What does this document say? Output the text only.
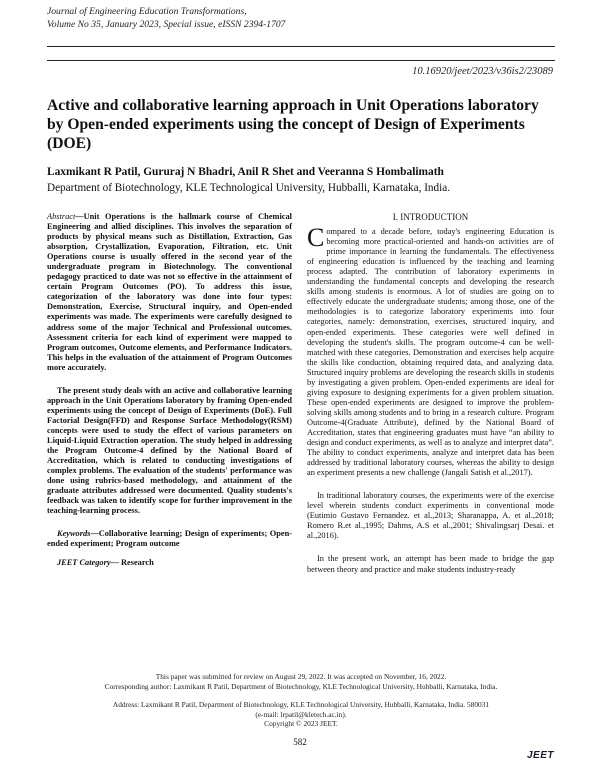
Journal of Engineering Education Transformations,
Volume No 35, January 2023, Special issue, eISSN 2394-1707
10.16920/jeet/2023/v36is2/23089
Active and collaborative learning approach in Unit Operations laboratory by Open-ended experiments using the concept of Design of Experiments (DOE)
Laxmikant R Patil, Gururaj N Bhadri, Anil R Shet and Veeranna S Hombalimath
Department of Biotechnology, KLE Technological University, Hubballi, Karnataka, India.

Abstract—Unit Operations is the hallmark course of Chemical Engineering and allied disciplines. This involves the separation of products by physical means such as Distillation, Extraction, Gas absorption, Crystallization, Evaporation, Filtration, etc. Unit Operations course is usually offered in the second year of the undergraduate program in Biotechnology. The conventional pedagogy practiced to date was not so effective in the attainment of certain Program Outcomes (PO). To address this issue, categorization of the laboratory was done into four types: Demonstration, Exercise, Structural inquiry, and Open-ended experiments was made. The experiments were carefully designed to address some of the major Technical and Professional outcomes. Assessment criteria for each kind of experiment were mapped to Program outcomes, Outcome elements, and Performance Indicators. This helps in the evaluation of the attainment of Program Outcomes more accurately.

The present study deals with an active and collaborative learning approach in the Unit Operations laboratory by framing Open-ended experiments using the concept of Design of Experiments (DoE). Full Factorial Design(FFD) and Response Surface Methodology(RSM) concepts were used to study the effect of various parameters on Liquid-Liquid Extraction operation. The study helped in addressing the Program Outcome-4 defined by the National Board of Accreditation, which is related to conducting investigations of complex problems. The evaluation of the students' performance was done using rubrics-based methodology, and attainment of the graduate attributes addressed were documented. Quality students's feedback was taken to identify scope for further improvement in the teaching-learning process.

Keywords—Collaborative learning; Design of experiments; Open-ended experiment; Program outcome

JEET Category— Research

I. INTRODUCTION

Compared to a decade before, today's engineering Education is becoming more practical-oriented and hands-on activities are of prime importance in learning the fundamentals. The effectiveness of engineering education is influenced by the teaching and learning process adapted. The contribution of laboratory experiments in understanding the fundamental concepts and developing the research skills among students is enormous. A lot of studies are going on to effectively educate the undergraduate students; among those, one of the methodologies is to categorize laboratory experiments into four categories, namely: demonstration, exercises, structured inquiry, and open-ended experiments. These categories were well defined in developing the student's skills. The program outcome-4 can be well-matched with these categories. Demonstration and exercises help acquire the skills like conduction, obtaining required data, and analyzing data. Structured inquiry problems are developing the research skills in students by investigating a given problem. Open-ended experiments are ideal for giving exposure to designing experiments for a given problem situation. These open-ended experiments are designed to improve the problem-solving skills among students and to bring in a research culture. Program Outcome-4(Graduate Attribute), defined by the National Board of Accreditation, states that engineering graduates must have “an ability to design and conduct experiments, as well as to analyze and interpret data”. The ability to conduct experiments, analyze and interpret data has been addressed by traditional laboratory courses, whereas the ability to design an experiment presents a new challenge (Jangali Satish et al.,2017).

In traditional laboratory courses, the experiments were of the exercise level wherein students conduct experiments in conventional mode (Eutimio Gustavo Fernandez. et al.,2013; Sharanappa, A. et al.,2018; Romero R.et al.,1995; Dahms, A.S et al.,2001; Shivalingsarj Desai. et al.,2016).

In the present work, an attempt has been made to bridge the gap between theory and practice and make students industry-ready

This paper was submitted for review on August 29, 2022. It was accepted on November, 16, 2022.
Corresponding author: Laxmikant R Patil, Department of Biotechnology, KLE Technological University, Hubballi, Karnataka, India.
Address: Laxmikant R Patil, Department of Biotechnology, KLE Technological University, Hubballi, Karnataka, India. 580031
(e-mail: lrpatil@kletech.ac.in).
Copyright © 2023 JEET.
582
JEET
